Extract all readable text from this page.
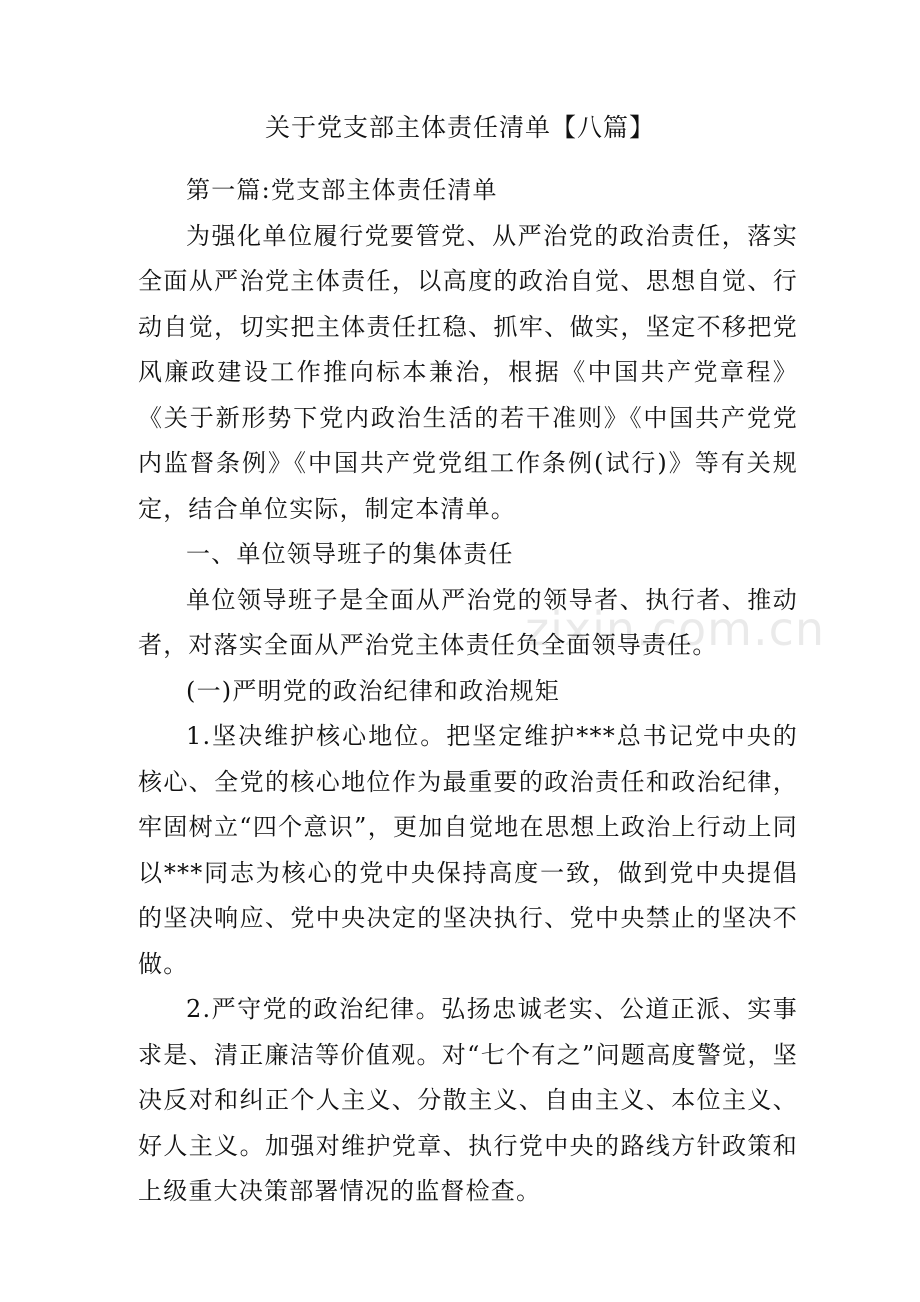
关于党支部主体责任清单【八篇】

第一篇:党支部主体责任清单

为强化单位履行党要管党、从严治党的政治责任，落实全面从严治党主体责任，以高度的政治自觉、思想自觉、行动自觉，切实把主体责任扛稳、抓牢、做实，坚定不移把党风廉政建设工作推向标本兼治，根据《中国共产党章程》《关于新形势下党内政治生活的若干准则》《中国共产党党内监督条例》《中国共产党党组工作条例(试行)》等有关规定，结合单位实际，制定本清单。

一、单位领导班子的集体责任

单位领导班子是全面从严治党的领导者、执行者、推动者，对落实全面从严治党主体责任负全面领导责任。

(一)严明党的政治纪律和政治规矩

1.坚决维护核心地位。把坚定维护***总书记党中央的核心、全党的核心地位作为最重要的政治责任和政治纪律，牢固树立“四个意识”，更加自觉地在思想上政治上行动上同以***同志为核心的党中央保持高度一致，做到党中央提倡的坚决响应、党中央决定的坚决执行、党中央禁止的坚决不做。

2.严守党的政治纪律。弘扬忠诚老实、公道正派、实事求是、清正廉洁等价值观。对“七个有之”问题高度警觉，坚决反对和纠正个人主义、分散主义、自由主义、本位主义、好人主义。加强对维护党章、执行党中央的路线方针政策和上级重大决策部署情况的监督检查。

zixin.com.cn
